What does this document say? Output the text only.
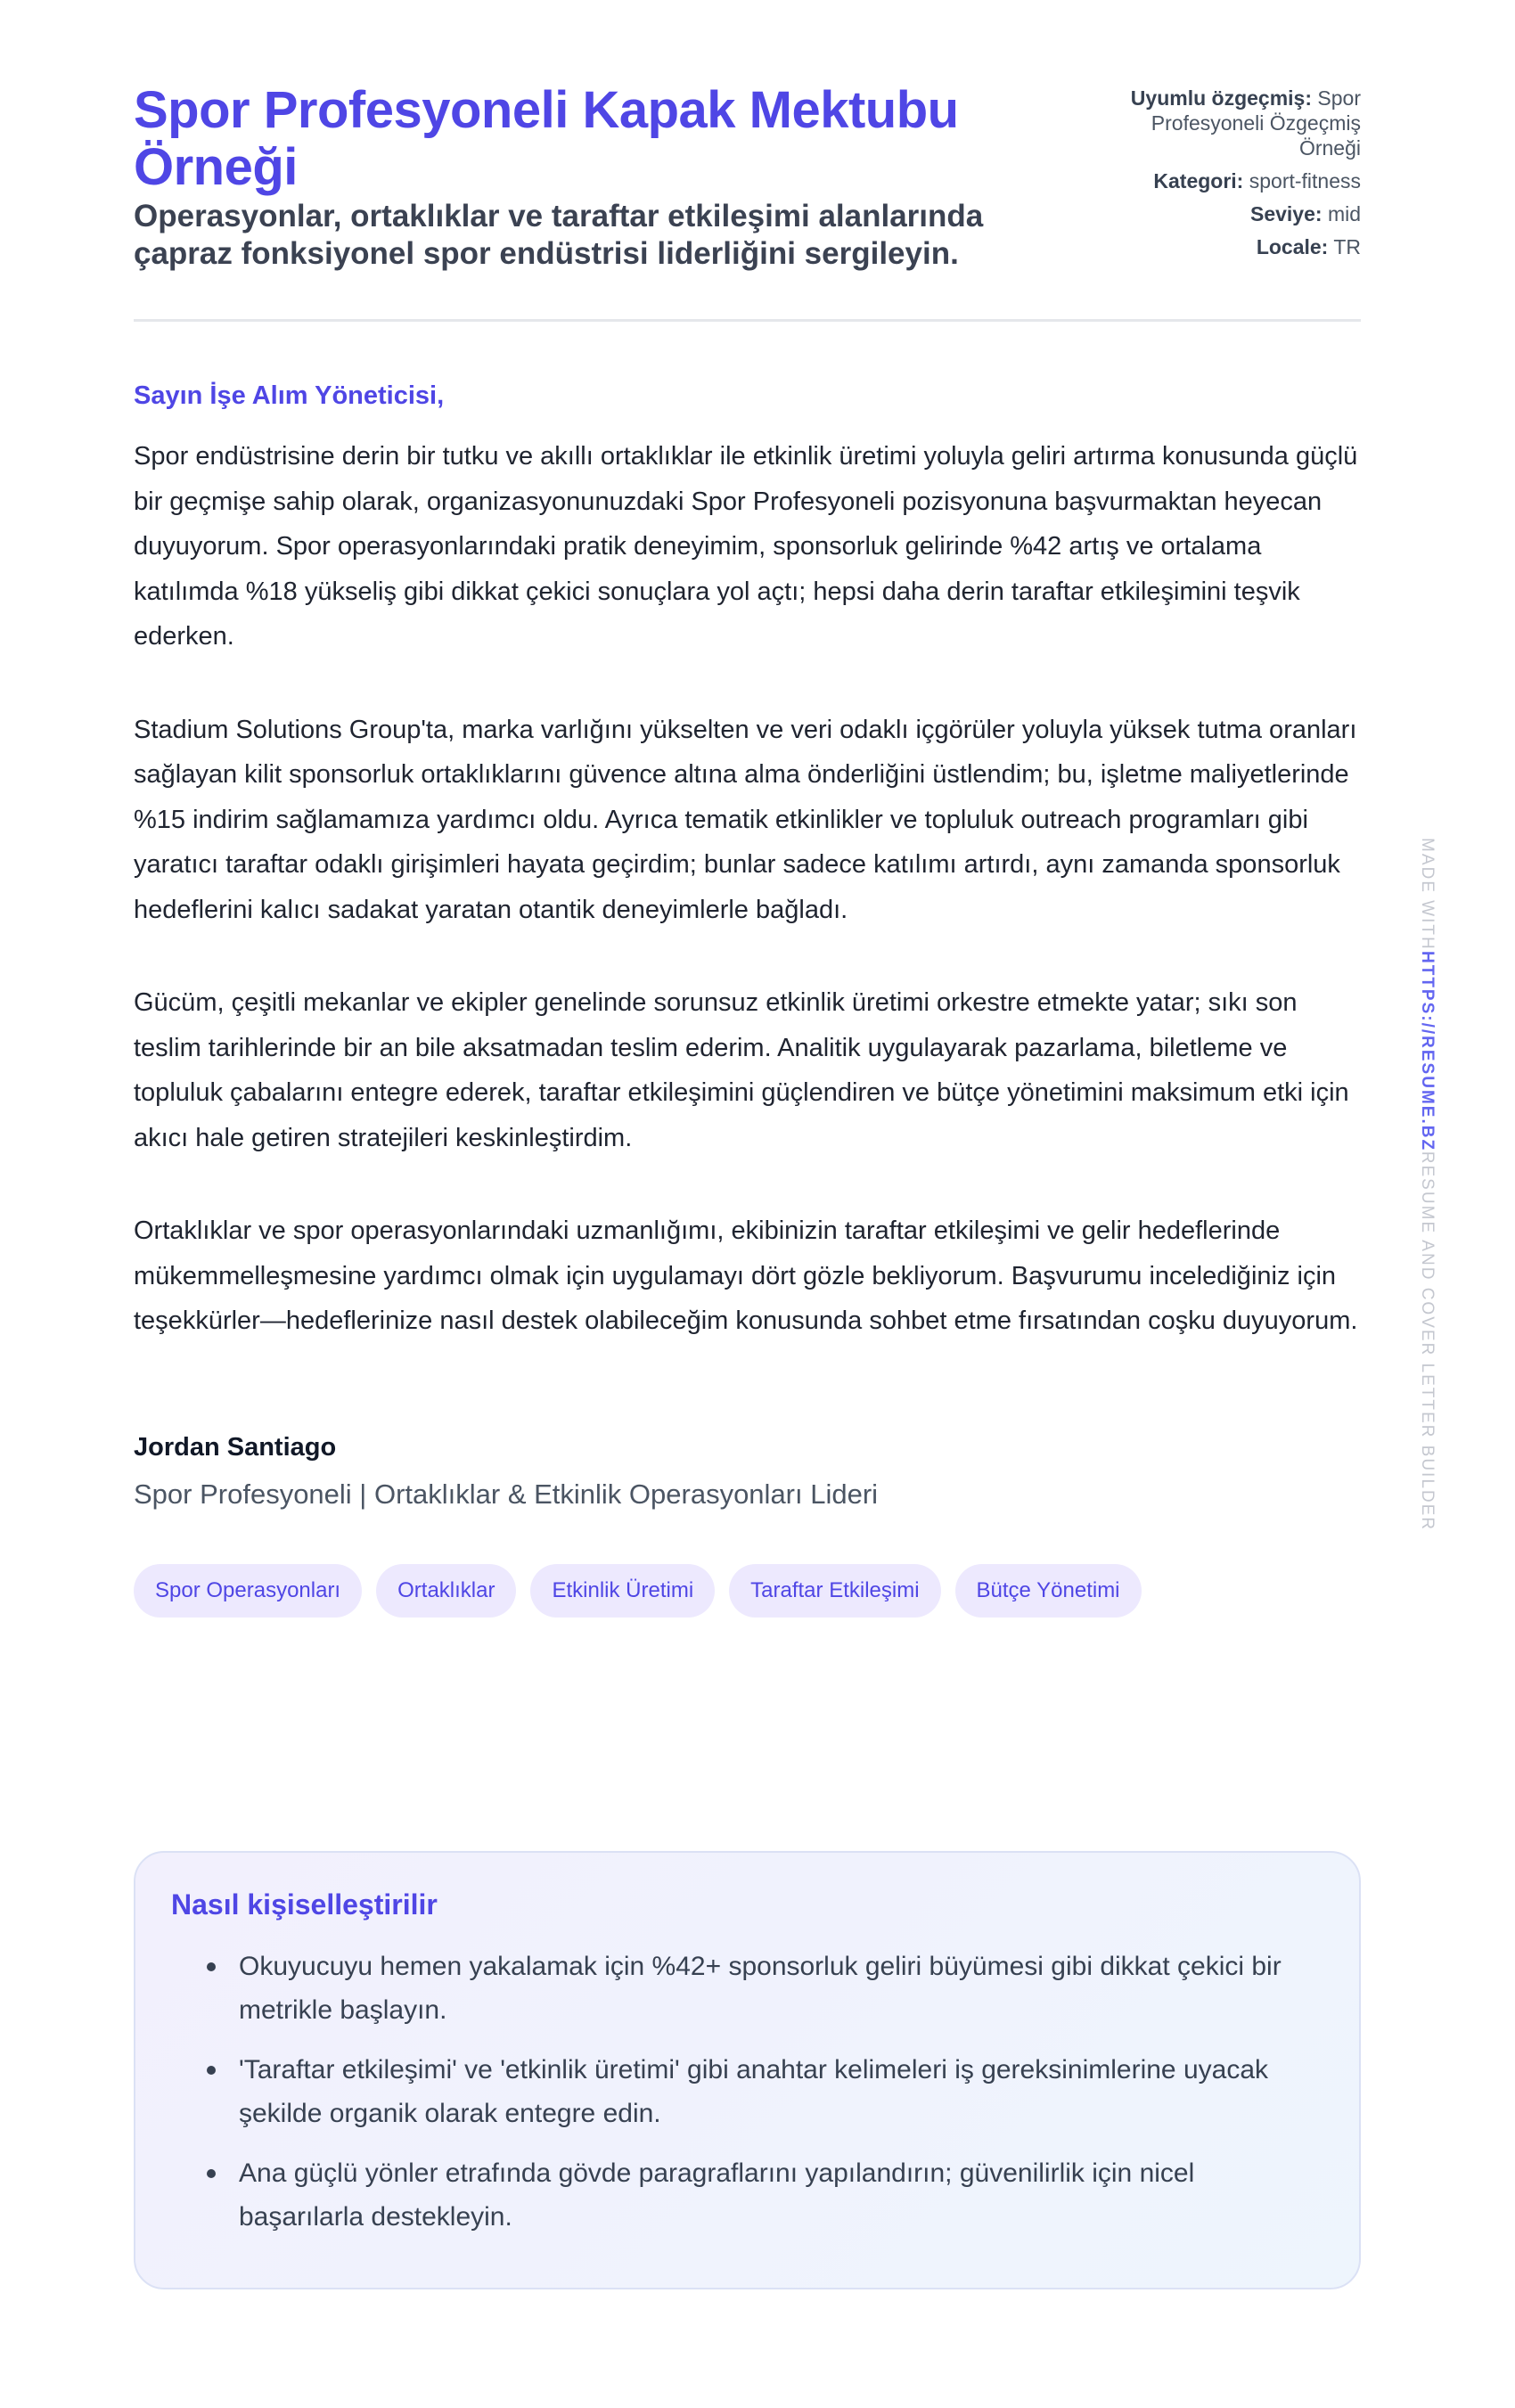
Spor Profesyoneli Kapak Mektubu Örneği
Operasyonlar, ortaklıklar ve taraftar etkileşimi alanlarında çapraz fonksiyonel spor endüstrisi liderliğini sergileyin.
Uyumlu özgeçmiş: Spor Profesyoneli Özgeçmiş Örneği
Kategori: sport-fitness
Seviye: mid
Locale: TR
Sayın İşe Alım Yöneticisi,

Spor endüstrisine derin bir tutku ve akıllı ortaklıklar ile etkinlik üretimi yoluyla geliri artırma konusunda güçlü bir geçmişe sahip olarak, organizasyonunuzdaki Spor Profesyoneli pozisyonuna başvurmaktan heyecan duyuyorum. Spor operasyonlarındaki pratik deneyimim, sponsorluk gelirinde %42 artış ve ortalama katılımda %18 yükseliş gibi dikkat çekici sonuçlara yol açtı; hepsi daha derin taraftar etkileşimini teşvik ederken.

Stadium Solutions Group'ta, marka varlığını yükselten ve veri odaklı içgörüler yoluyla yüksek tutma oranları sağlayan kilit sponsorluk ortaklıklarını güvence altına alma önderliğini üstlendim; bu, işletme maliyetlerinde %15 indirim sağlamamıza yardımcı oldu. Ayrıca tematik etkinlikler ve topluluk outreach programları gibi yaratıcı taraftar odaklı girişimleri hayata geçirdim; bunlar sadece katılımı artırdı, aynı zamanda sponsorluk hedeflerini kalıcı sadakat yaratan otantik deneyimlerle bağladı.

Gücüm, çeşitli mekanlar ve ekipler genelinde sorunsuz etkinlik üretimi orkestre etmekte yatar; sıkı son teslim tarihlerinde bir an bile aksatmadan teslim ederim. Analitik uygulayarak pazarlama, biletleme ve topluluk çabalarını entegre ederek, taraftar etkileşimini güçlendiren ve bütçe yönetimini maksimum etki için akıcı hale getiren stratejileri keskinleştirdim.

Ortaklıklar ve spor operasyonlarındaki uzmanlığımı, ekibinizin taraftar etkileşimi ve gelir hedeflerinde mükemmelleşmesine yardımcı olmak için uygulamayı dört gözle bekliyorum. Başvurumu incelediğiniz için teşekkürler—hedeflerinize nasıl destek olabileceğim konusunda sohbet etme fırsatından coşku duyuyorum.

Jordan Santiago
Spor Profesyoneli | Ortaklıklar & Etkinlik Operasyonları Lideri
Spor Operasyonları	Ortaklıklar	Etkinlik Üretimi	Taraftar Etkileşimi	Bütçe Yönetimi
Nasıl kişiselleştirilir
Okuyucuyu hemen yakalamak için %42+ sponsorluk geliri büyümesi gibi dikkat çekici bir metrikle başlayın.
'Taraftar etkileşimi' ve 'etkinlik üretimi' gibi anahtar kelimeleri iş gereksinimlerine uyacak şekilde organik olarak entegre edin.
Ana güçlü yönler etrafında gövde paragraflarını yapılandırın; güvenilirlik için nicel başarılarla destekleyin.
MADE WITHHTTPS://RESUME.BZRESUME AND COVER LETTER BUILDER
